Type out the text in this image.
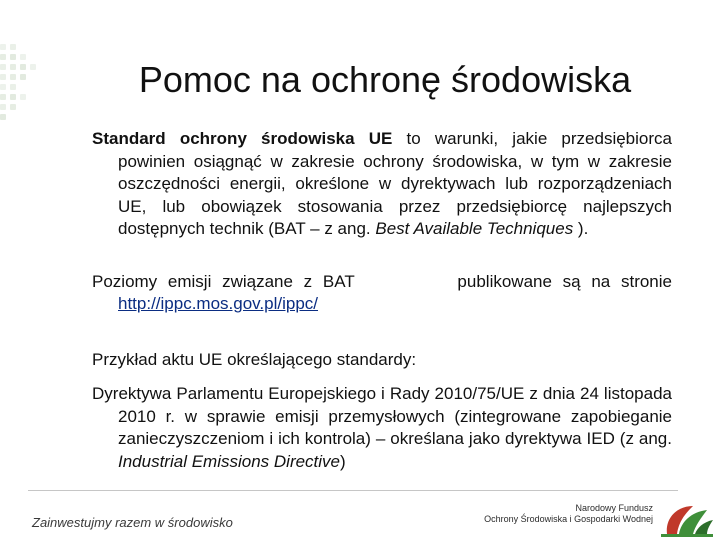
Pomoc na ochronę środowiska

Standard ochrony środowiska UE to warunki, jakie przedsiębiorca powinien osiągnąć w zakresie ochrony środowiska, w tym w zakresie oszczędności energii, określone w dyrektywach lub rozporządzeniach UE, lub obowiązek stosowania przez przedsiębiorcę najlepszych dostępnych technik (BAT – z ang. Best Available Techniques ).

Poziomy emisji związane z BAT	publikowane są na stronie
http://ippc.mos.gov.pl/ippc/

Przykład aktu UE określającego standardy:

Dyrektywa Parlamentu Europejskiego i Rady 2010/75/UE z dnia 24 listopada 2010 r. w sprawie emisji przemysłowych (zintegrowane zapobieganie zanieczyszczeniom i ich kontrola) – określana jako dyrektywa IED (z ang. Industrial Emissions Directive)

Zainwestujmy razem w środowisko
Narodowy Fundusz
Ochrony Środowiska i Gospodarki Wodnej
